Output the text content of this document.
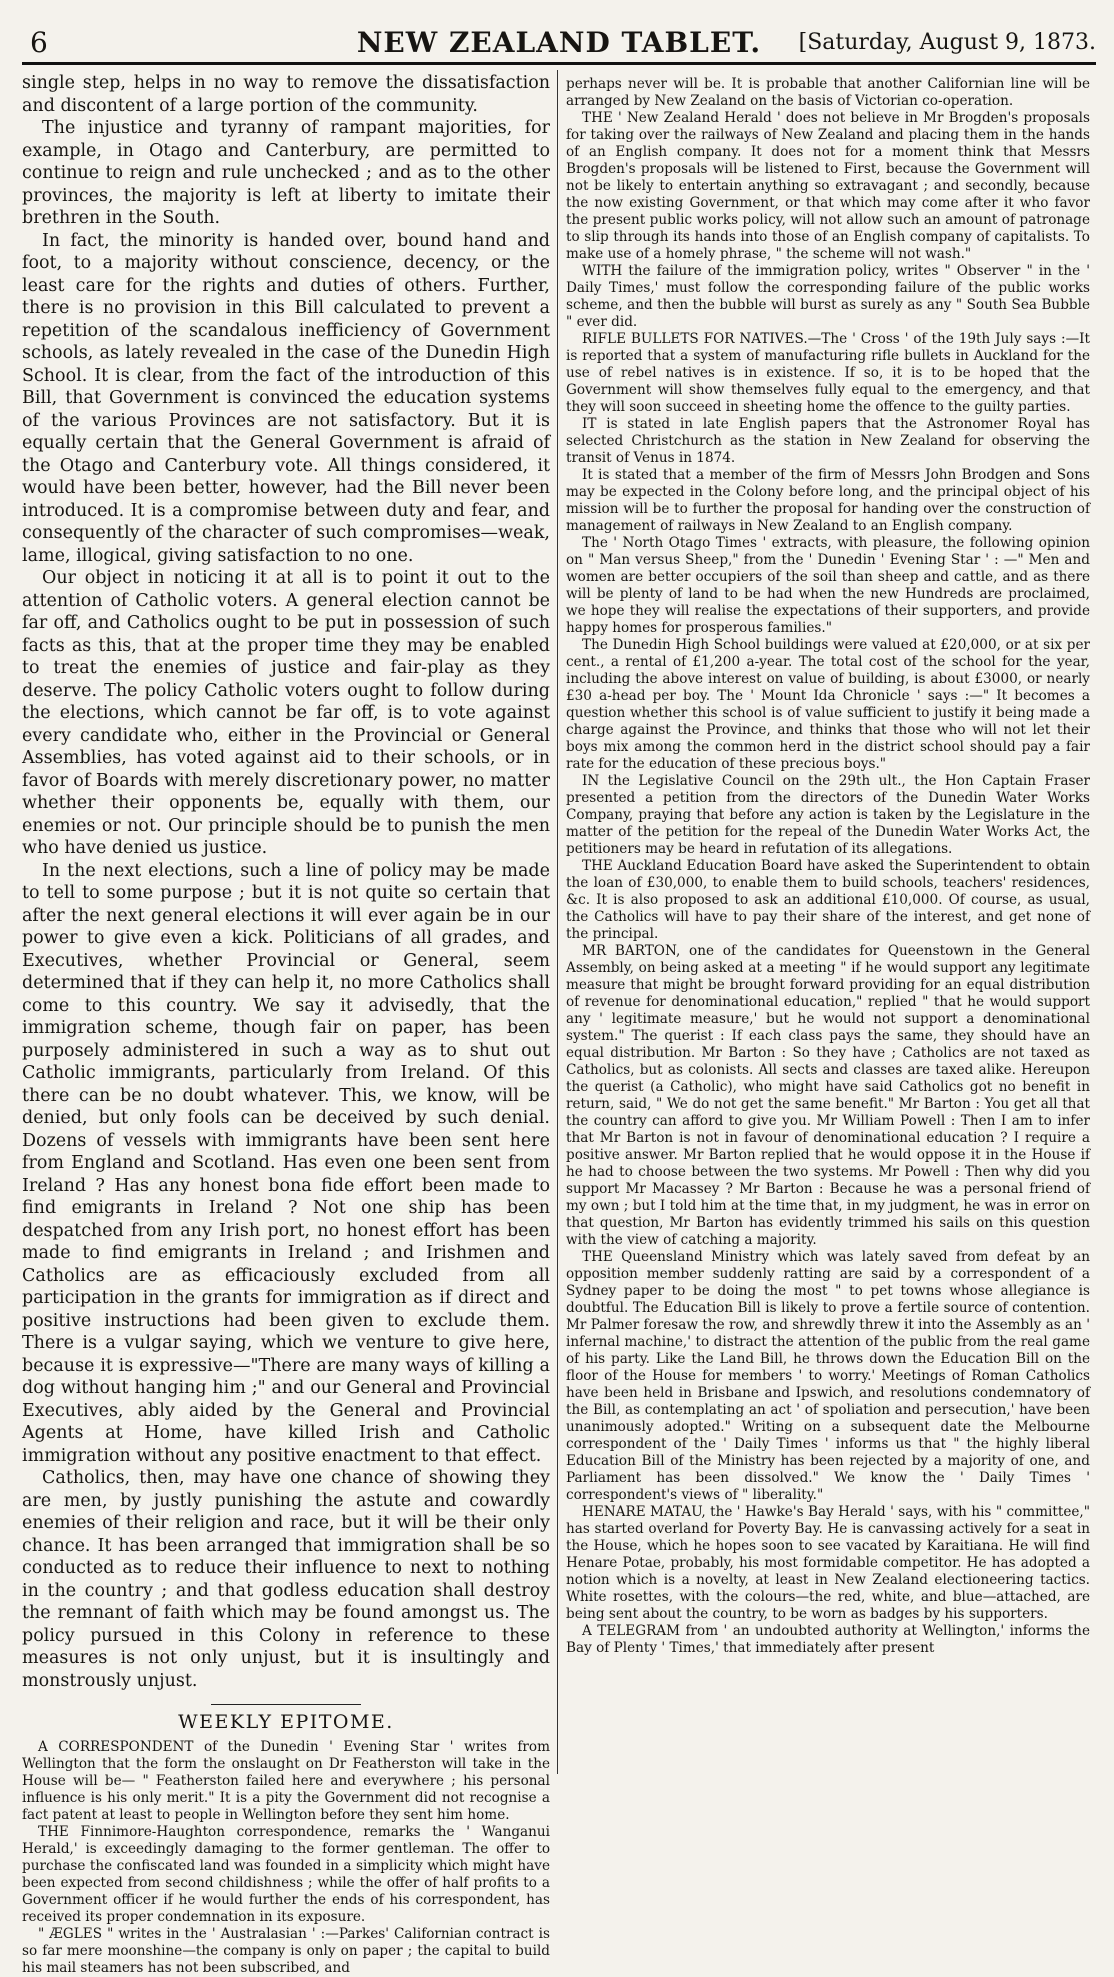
6	NEW ZEALAND TABLET.	[Saturday, August 9, 1873.

single step, helps in no way to remove the dissatisfaction and discontent of a large portion of the community.

The injustice and tyranny of rampant majorities, for example, in Otago and Canterbury, are permitted to continue to reign and rule unchecked ; and as to the other provinces, the majority is left at liberty to imitate their brethren in the South.

In fact, the minority is handed over, bound hand and foot, to a majority without conscience, decency, or the least care for the rights and duties of others. Further, there is no provision in this Bill calculated to prevent a repetition of the scandalous inefficiency of Government schools, as lately revealed in the case of the Dunedin High School. It is clear, from the fact of the introduction of this Bill, that Government is convinced the education systems of the various Provinces are not satisfactory. But it is equally certain that the General Government is afraid of the Otago and Canterbury vote. All things considered, it would have been better, however, had the Bill never been introduced. It is a compromise between duty and fear, and consequently of the character of such compromises—weak, lame, illogical, giving satisfaction to no one.

Our object in noticing it at all is to point it out to the attention of Catholic voters. A general election cannot be far off, and Catholics ought to be put in possession of such facts as this, that at the proper time they may be enabled to treat the enemies of justice and fair-play as they deserve. The policy Catholic voters ought to follow during the elections, which cannot be far off, is to vote against every candidate who, either in the Provincial or General Assemblies, has voted against aid to their schools, or in favor of Boards with merely discretionary power, no matter whether their opponents be, equally with them, our enemies or not. Our principle should be to punish the men who have denied us justice.

In the next elections, such a line of policy may be made to tell to some purpose ; but it is not quite so certain that after the next general elections it will ever again be in our power to give even a kick. Politicians of all grades, and Executives, whether Provincial or General, seem determined that if they can help it, no more Catholics shall come to this country. We say it advisedly, that the immigration scheme, though fair on paper, has been purposely administered in such a way as to shut out Catholic immigrants, particularly from Ireland. Of this there can be no doubt whatever. This, we know, will be denied, but only fools can be deceived by such denial. Dozens of vessels with immigrants have been sent here from England and Scotland. Has even one been sent from Ireland ? Has any honest bona fide effort been made to find emigrants in Ireland ? Not one ship has been despatched from any Irish port, no honest effort has been made to find emigrants in Ireland ; and Irishmen and Catholics are as efficaciously excluded from all participation in the grants for immigration as if direct and positive instructions had been given to exclude them. There is a vulgar saying, which we venture to give here, because it is expressive—"There are many ways of killing a dog without hanging him ;" and our General and Provincial Executives, ably aided by the General and Provincial Agents at Home, have killed Irish and Catholic immigration without any positive enactment to that effect.

Catholics, then, may have one chance of showing they are men, by justly punishing the astute and cowardly enemies of their religion and race, but it will be their only chance. It has been arranged that immigration shall be so conducted as to reduce their influence to next to nothing in the country ; and that godless education shall destroy the remnant of faith which may be found amongst us. The policy pursued in this Colony in reference to these measures is not only unjust, but it is insultingly and monstrously unjust.

WEEKLY EPITOME.

A CORRESPONDENT of the Dunedin ' Evening Star ' writes from Wellington that the form the onslaught on Dr Featherston will take in the House will be— " Featherston failed here and everywhere ; his personal influence is his only merit." It is a pity the Government did not recognise a fact patent at least to people in Wellington before they sent him home.

THE Finnimore-Haughton correspondence, remarks the ' Wanganui Herald,' is exceedingly damaging to the former gentleman. The offer to purchase the confiscated land was founded in a simplicity which might have been expected from second childishness ; while the offer of half profits to a Government officer if he would further the ends of his correspondent, has received its proper condemnation in its exposure.

" ÆGLES " writes in the ' Australasian ' :—Parkes' Californian contract is so far mere moonshine—the company is only on paper ; the capital to build his mail steamers has not been subscribed, and

perhaps never will be. It is probable that another Californian line will be arranged by New Zealand on the basis of Victorian co-operation.

THE ' New Zealand Herald ' does not believe in Mr Brogden's proposals for taking over the railways of New Zealand and placing them in the hands of an English company. It does not for a moment think that Messrs Brogden's proposals will be listened to First, because the Government will not be likely to entertain anything so extravagant ; and secondly, because the now existing Government, or that which may come after it who favor the present public works policy, will not allow such an amount of patronage to slip through its hands into those of an English company of capitalists. To make use of a homely phrase, " the scheme will not wash."

WITH the failure of the immigration policy, writes " Observer " in the ' Daily Times,' must follow the corresponding failure of the public works scheme, and then the bubble will burst as surely as any " South Sea Bubble " ever did.

RIFLE BULLETS FOR NATIVES.—The ' Cross ' of the 19th July says :—It is reported that a system of manufacturing rifle bullets in Auckland for the use of rebel natives is in existence. If so, it is to be hoped that the Government will show themselves fully equal to the emergency, and that they will soon succeed in sheeting home the offence to the guilty parties.

IT is stated in late English papers that the Astronomer Royal has selected Christchurch as the station in New Zealand for observing the transit of Venus in 1874.

It is stated that a member of the firm of Messrs John Brodgen and Sons may be expected in the Colony before long, and the principal object of his mission will be to further the proposal for handing over the construction of management of railways in New Zealand to an English company.

The ' North Otago Times ' extracts, with pleasure, the following opinion on " Man versus Sheep," from the ' Dunedin ' Evening Star ' : —" Men and women are better occupiers of the soil than sheep and cattle, and as there will be plenty of land to be had when the new Hundreds are proclaimed, we hope they will realise the expectations of their supporters, and provide happy homes for prosperous families."

The Dunedin High School buildings were valued at £20,000, or at six per cent., a rental of £1,200 a-year. The total cost of the school for the year, including the above interest on value of building, is about £3000, or nearly £30 a-head per boy. The ' Mount Ida Chronicle ' says :—" It becomes a question whether this school is of value sufficient to justify it being made a charge against the Province, and thinks that those who will not let their boys mix among the common herd in the district school should pay a fair rate for the education of these precious boys."

IN the Legislative Council on the 29th ult., the Hon Captain Fraser presented a petition from the directors of the Dunedin Water Works Company, praying that before any action is taken by the Legislature in the matter of the petition for the repeal of the Dunedin Water Works Act, the petitioners may be heard in refutation of its allegations.

THE Auckland Education Board have asked the Superintendent to obtain the loan of £30,000, to enable them to build schools, teachers' residences, &c. It is also proposed to ask an additional £10,000. Of course, as usual, the Catholics will have to pay their share of the interest, and get none of the principal.

MR BARTON, one of the candidates for Queenstown in the General Assembly, on being asked at a meeting " if he would support any legitimate measure that might be brought forward providing for an equal distribution of revenue for denominational education," replied " that he would support any ' legitimate measure,' but he would not support a denominational system." The querist : If each class pays the same, they should have an equal distribution. Mr Barton : So they have ; Catholics are not taxed as Catholics, but as colonists. All sects and classes are taxed alike. Hereupon the querist (a Catholic), who might have said Catholics got no benefit in return, said, " We do not get the same benefit." Mr Barton : You get all that the country can afford to give you. Mr William Powell : Then I am to infer that Mr Barton is not in favour of denominational education ? I require a positive answer. Mr Barton replied that he would oppose it in the House if he had to choose between the two systems. Mr Powell : Then why did you support Mr Macassey ? Mr Barton : Because he was a personal friend of my own ; but I told him at the time that, in my judgment, he was in error on that question, Mr Barton has evidently trimmed his sails on this question with the view of catching a majority.

THE Queensland Ministry which was lately saved from defeat by an opposition member suddenly ratting are said by a correspondent of a Sydney paper to be doing the most " to pet towns whose allegiance is doubtful. The Education Bill is likely to prove a fertile source of contention. Mr Palmer foresaw the row, and shrewdly threw it into the Assembly as an ' infernal machine,' to distract the attention of the public from the real game of his party. Like the Land Bill, he throws down the Education Bill on the floor of the House for members ' to worry.' Meetings of Roman Catholics have been held in Brisbane and Ipswich, and resolutions condemnatory of the Bill, as contemplating an act ' of spoliation and persecution,' have been unanimously adopted." Writing on a subsequent date the Melbourne correspondent of the ' Daily Times ' informs us that " the highly liberal Education Bill of the Ministry has been rejected by a majority of one, and Parliament has been dissolved." We know the ' Daily Times ' correspondent's views of " liberality."

HENARE MATAU, the ' Hawke's Bay Herald ' says, with his " committee," has started overland for Poverty Bay. He is canvassing actively for a seat in the House, which he hopes soon to see vacated by Karaitiana. He will find Henare Potae, probably, his most formidable competitor. He has adopted a notion which is a novelty, at least in New Zealand electioneering tactics. White rosettes, with the colours—the red, white, and blue—attached, are being sent about the country, to be worn as badges by his supporters.

A TELEGRAM from ' an undoubted authority at Wellington,' informs the Bay of Plenty ' Times,' that immediately after present
